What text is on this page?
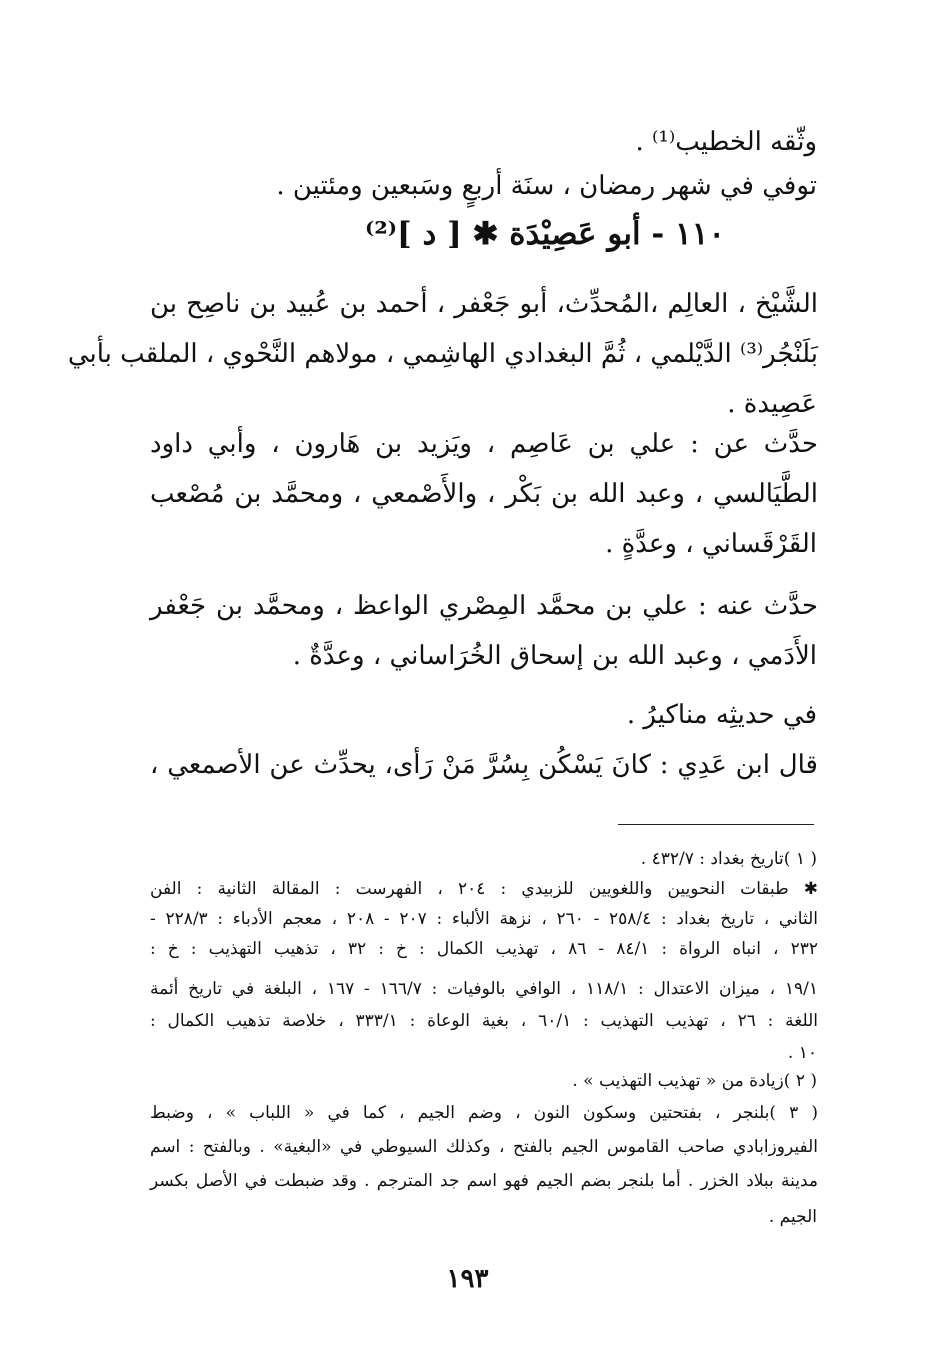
وثّقه الخطيب⁽¹⁾ .
توفي في شهر رمضان ، سنَة أربعٍ وسَبعين ومئتين .
١١٠ - أبو عَصِيْدَة ✱ [ د ]⁽²⁾
الشَّيْخ ، العالِم ،المُحدِّث، أبو جَعْفر ، أحمد بن عُبيد بن ناصِح بن
بَلَنْجُر⁽³⁾ الدَّيْلمي ، ثُمَّ البغدادي الهاشِمي ، مولاهم النَّحْوي ، الملقب بأبي
عَصِيدة .
حدَّث عن : علي بن عَاصِم ، ويَزيد بن هَارون ، وأبي داود
الطَّيَالسي ، وعبد الله بن بَكْر ، والأَصْمعي ، ومحمَّد بن مُصْعب
القَرْقَساني ، وعدَّةٍ .
حدَّث عنه : علي بن محمَّد المِصْري الواعظ ، ومحمَّد بن جَعْفر
الأَدَمي ، وعبد الله بن إسحاق الخُرَاساني ، وعدَّةٌ .
في حديثِه مناكيرُ .
قال ابن عَدِي : كانَ يَسْكُن بِسُرَّ مَنْ رَأى، يحدِّث عن الأصمعي ،
( ١ )تاريخ بغداد : ٤٣٢/٧ .
✱ طبقات النحويين واللغويين للزبيدي : ٢٠٤ ، الفهرست : المقالة الثانية : الفن
الثاني ، تاريخ بغداد : ٢٥٨/٤ - ٢٦٠ ، نزهة الألباء : ٢٠٧ - ٢٠٨ ، معجم الأدباء : ٢٢٨/٣ -
٢٣٢ ، انباه الرواة : ٨٤/١ - ٨٦ ، تهذيب الكمال : خ : ٣٢ ، تذهيب التهذيب : خ :
١٩/١ ، ميزان الاعتدال : ١١٨/١ ، الوافي بالوفيات : ١٦٦/٧ - ١٦٧ ، البلغة في تاريخ أئمة
اللغة : ٢٦ ، تهذيب التهذيب : ٦٠/١ ، بغية الوعاة : ٣٣٣/١ ، خلاصة تذهيب الكمال :
١٠ .
( ٢ )زيادة من « تهذيب التهذيب » .
( ٣ )بلنجر ، بفتحتين وسكون النون ، وضم الجيم ، كما في « اللباب » ، وضبط
الفيروزابادي صاحب القاموس الجيم بالفتح ، وكذلك السيوطي في «البغية» . وبالفتح : اسم
مدينة ببلاد الخزر . أما بلنجر بضم الجيم فهو اسم جد المترجم . وقد ضبطت في الأصل بكسر
الجيم .
١٩٣
